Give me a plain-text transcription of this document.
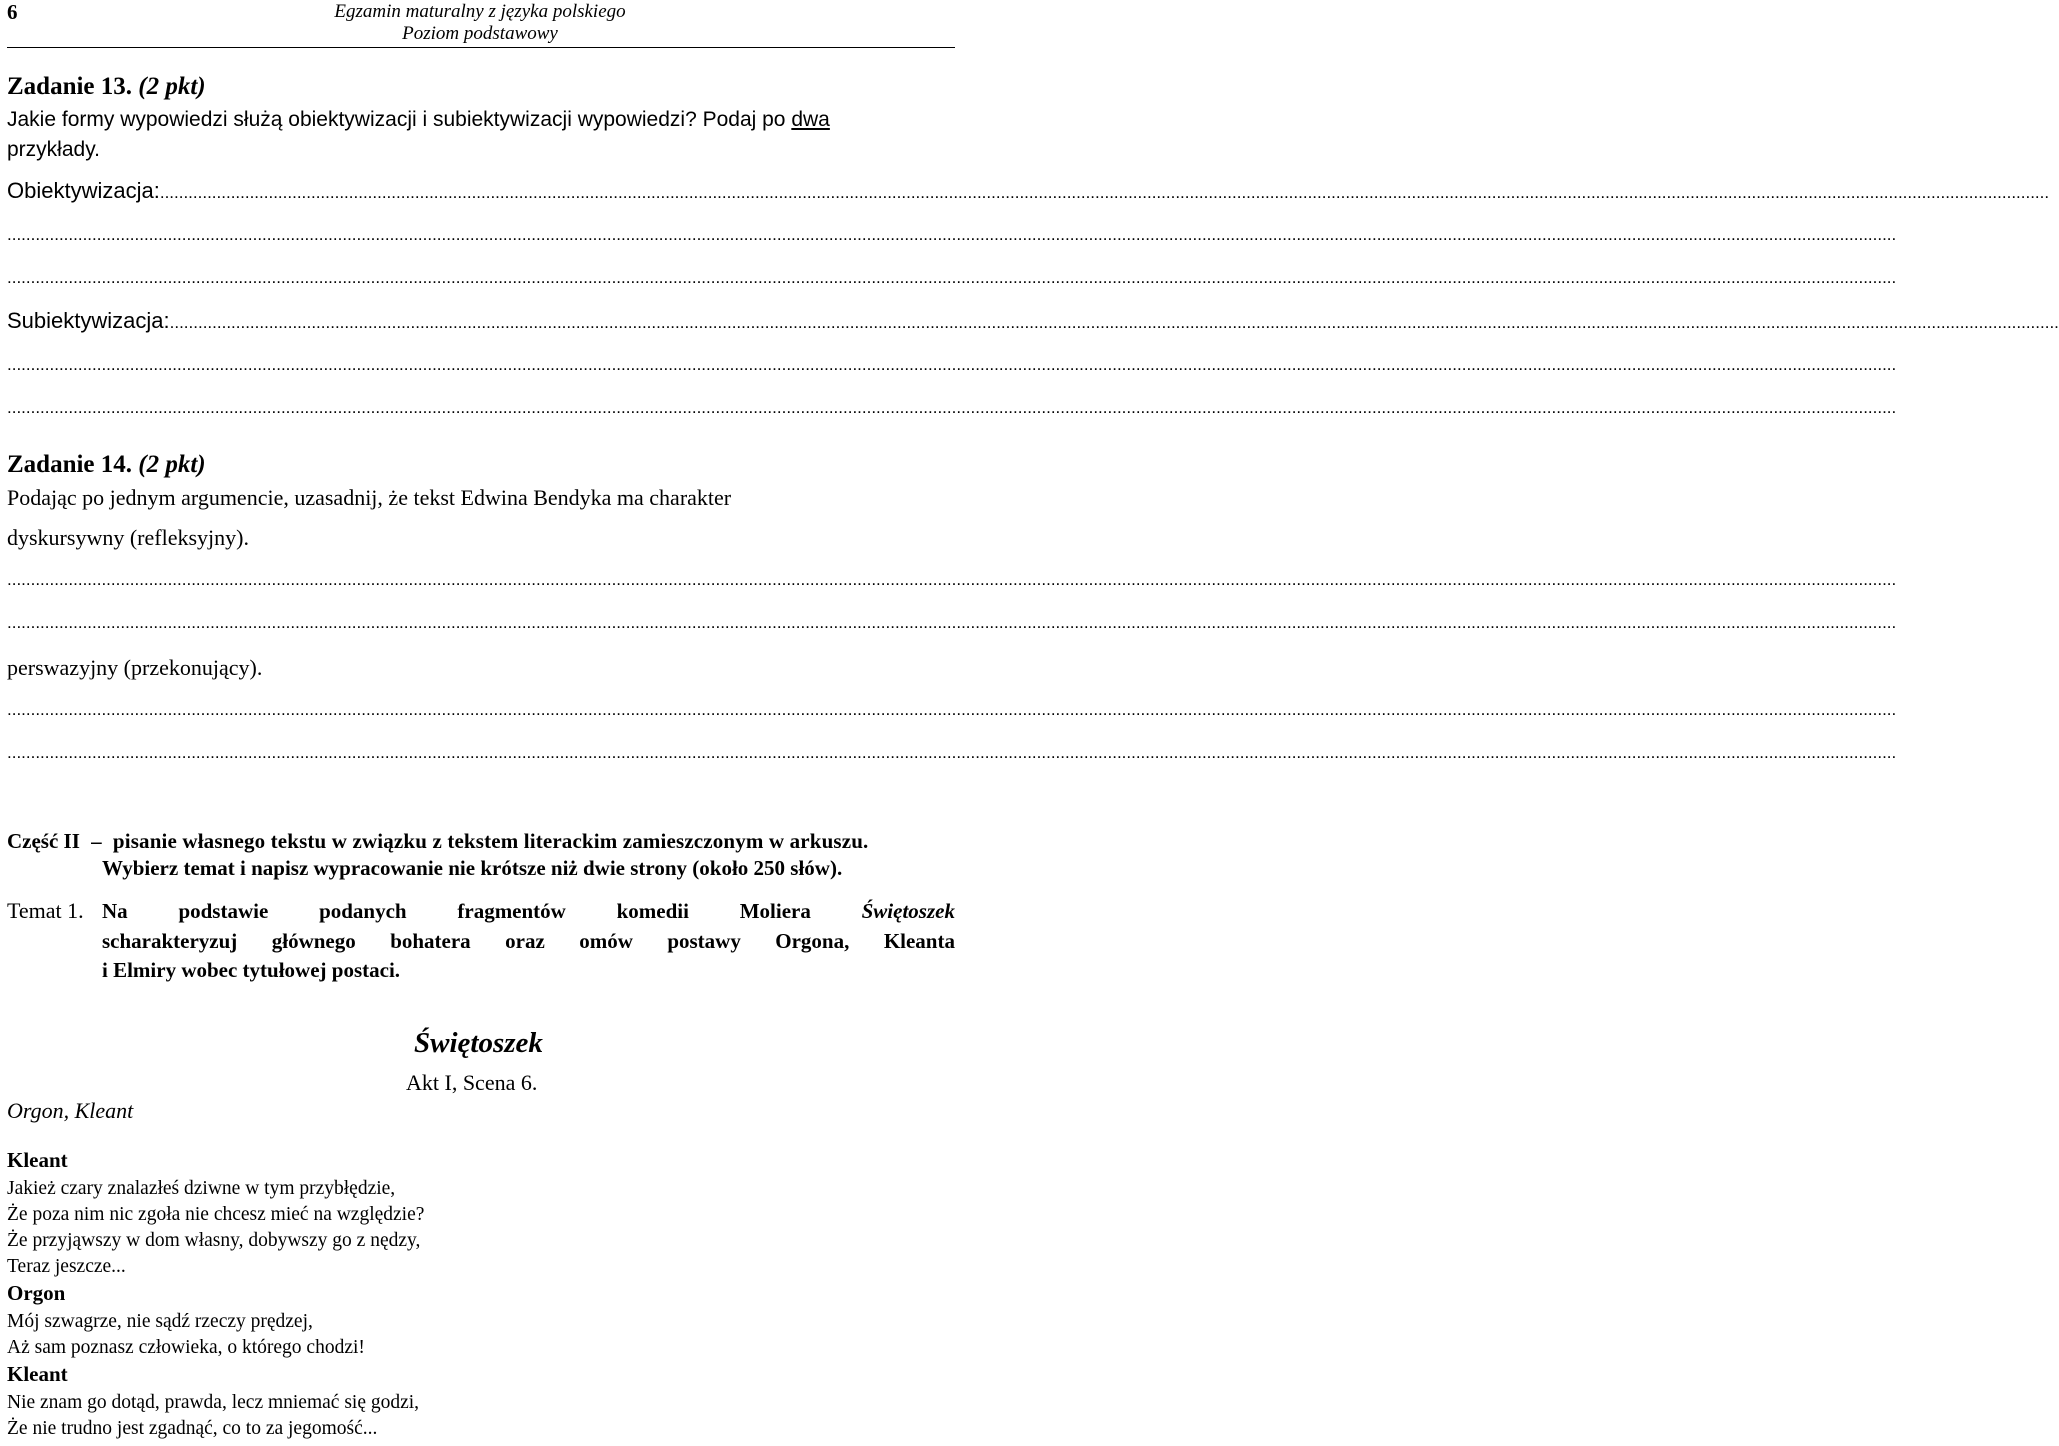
6	Egzamin maturalny z języka polskiego
Poziom podstawowy
Zadanie 13. (2 pkt)
Jakie formy wypowiedzi służą obiektywizacji i subiektywizacji wypowiedzi? Podaj po dwa
przykłady.
Obiektywizacja: ................................................................................................................................................................................................................................................................................................................................................................................................................
................................................................................................................................................................................................................................................................................................................................................................................................................
................................................................................................................................................................................................................................................................................................................................................................................................................
Subiektywizacja: ................................................................................................................................................................................................................................................................................................................................................................................................................
................................................................................................................................................................................................................................................................................................................................................................................................................
................................................................................................................................................................................................................................................................................................................................................................................................................
Zadanie 14. (2 pkt)
Podając po jednym argumencie, uzasadnij, że tekst Edwina Bendyka ma charakter
dyskursywny (refleksyjny).
................................................................................................................................................................................................................................................................................................................................................................................................................
................................................................................................................................................................................................................................................................................................................................................................................................................
perswazyjny (przekonujący).
................................................................................................................................................................................................................................................................................................................................................................................................................
................................................................................................................................................................................................................................................................................................................................................................................................................
Część II – pisanie własnego tekstu w związku z tekstem literackim zamieszczonym w arkuszu.
Wybierz temat i napisz wypracowanie nie krótsze niż dwie strony (około 250 słów).
Temat 1. Na podstawie podanych fragmentów komedii Moliera Świętoszek
scharakteryzuj głównego bohatera oraz omów postawy Orgona, Kleanta
i Elmiry wobec tytułowej postaci.
Świętoszek
Akt I, Scena 6.
Orgon, Kleant
Kleant
Jakież czary znalazłeś dziwne w tym przybłędzie,
Że poza nim nic zgoła nie chcesz mieć na względzie?
Że przyjąwszy w dom własny, dobywszy go z nędzy,
Teraz jeszcze...
Orgon
Mój szwagrze, nie sądź rzeczy prędzej,
Aż sam poznasz człowieka, o którego chodzi!
Kleant
Nie znam go dotąd, prawda, lecz mniemać się godzi,
Że nie trudno jest zgadnąć, co to za jegomość...
